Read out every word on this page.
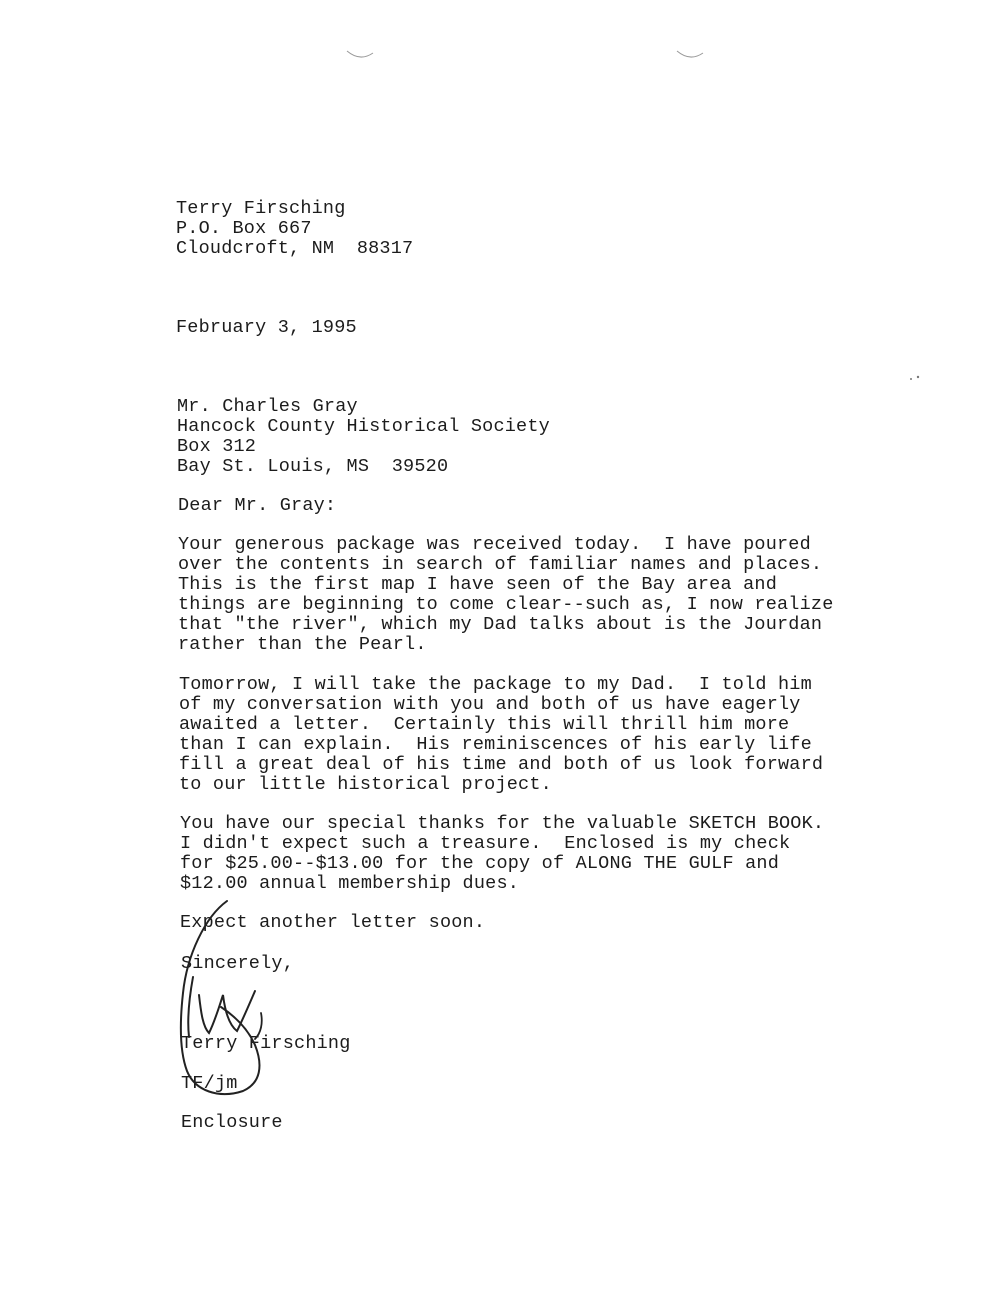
Terry Firsching
P.O. Box 667
Cloudcroft, NM  88317
February 3, 1995
Mr. Charles Gray
Hancock County Historical Society
Box 312
Bay St. Louis, MS  39520
Dear Mr. Gray:
Your generous package was received today.  I have poured
over the contents in search of familiar names and places.
This is the first map I have seen of the Bay area and
things are beginning to come clear--such as, I now realize
that "the river", which my Dad talks about is the Jourdan
rather than the Pearl.
Tomorrow, I will take the package to my Dad.  I told him
of my conversation with you and both of us have eagerly
awaited a letter.  Certainly this will thrill him more
than I can explain.  His reminiscences of his early life
fill a great deal of his time and both of us look forward
to our little historical project.
You have our special thanks for the valuable SKETCH BOOK.
I didn't expect such a treasure.  Enclosed is my check
for $25.00--$13.00 for the copy of ALONG THE GULF and
$12.00 annual membership dues.
Expect another letter soon.
Sincerely,
Terry Firsching
TF/jm
Enclosure
